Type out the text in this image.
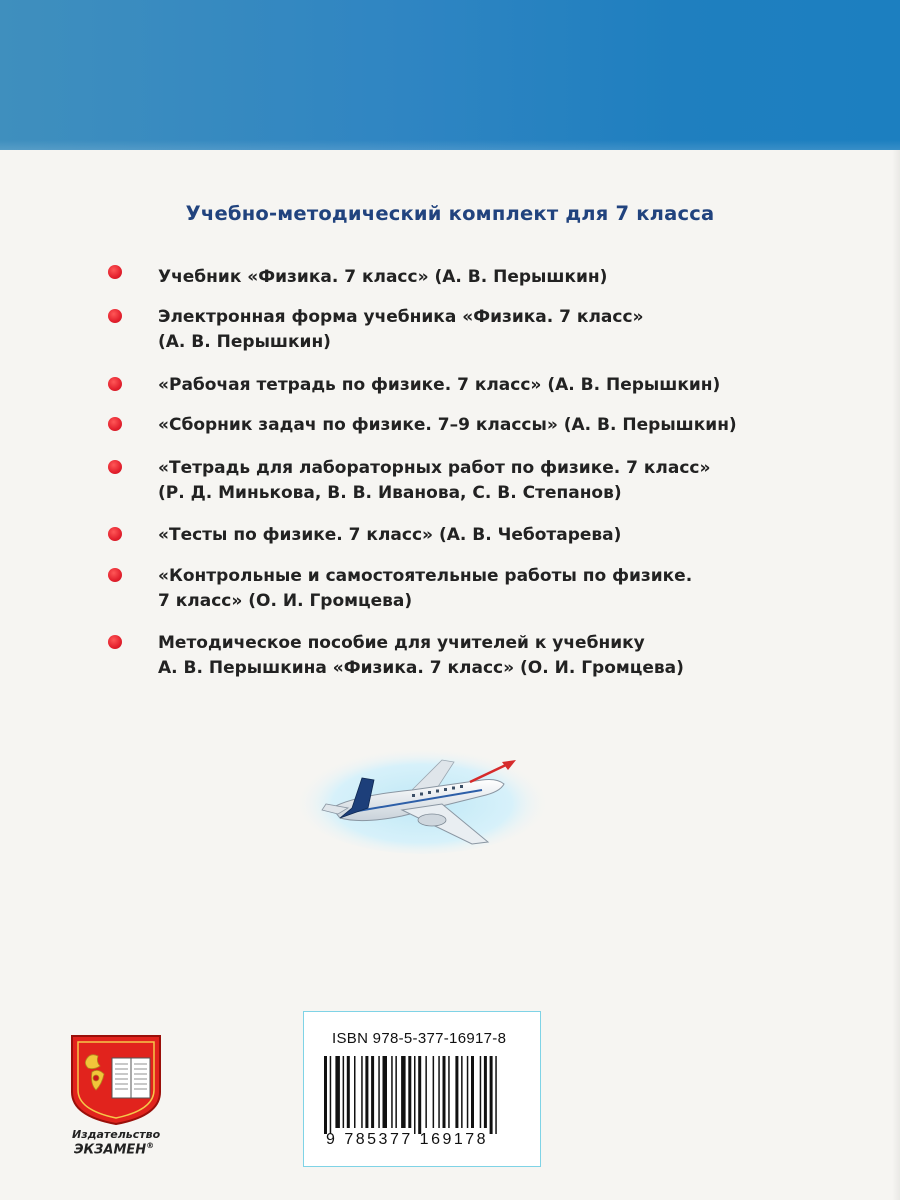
Учебно-методический комплект для 7 класса
Учебник «Физика. 7 класс» (А. В. Перышкин)
Электронная форма учебника «Физика. 7 класс»
(А. В. Перышкин)
«Рабочая тетрадь по физике. 7 класс» (А. В. Перышкин)
«Сборник задач по физике. 7–9 классы» (А. В. Перышкин)
«Тетрадь для лабораторных работ по физике. 7 класс»
(Р. Д. Минькова, В. В. Иванова, С. В. Степанов)
«Тесты по физике. 7 класс» (А. В. Чеботарева)
«Контрольные и самостоятельные работы по физике.
7 класс» (О. И. Громцева)
Методическое пособие для учителей к учебнику
А. В. Перышкина «Физика. 7 класс» (О. И. Громцева)
Издательство
ЭКЗАМЕН®
ISBN 978-5-377-16917-8
9 785377 169178
